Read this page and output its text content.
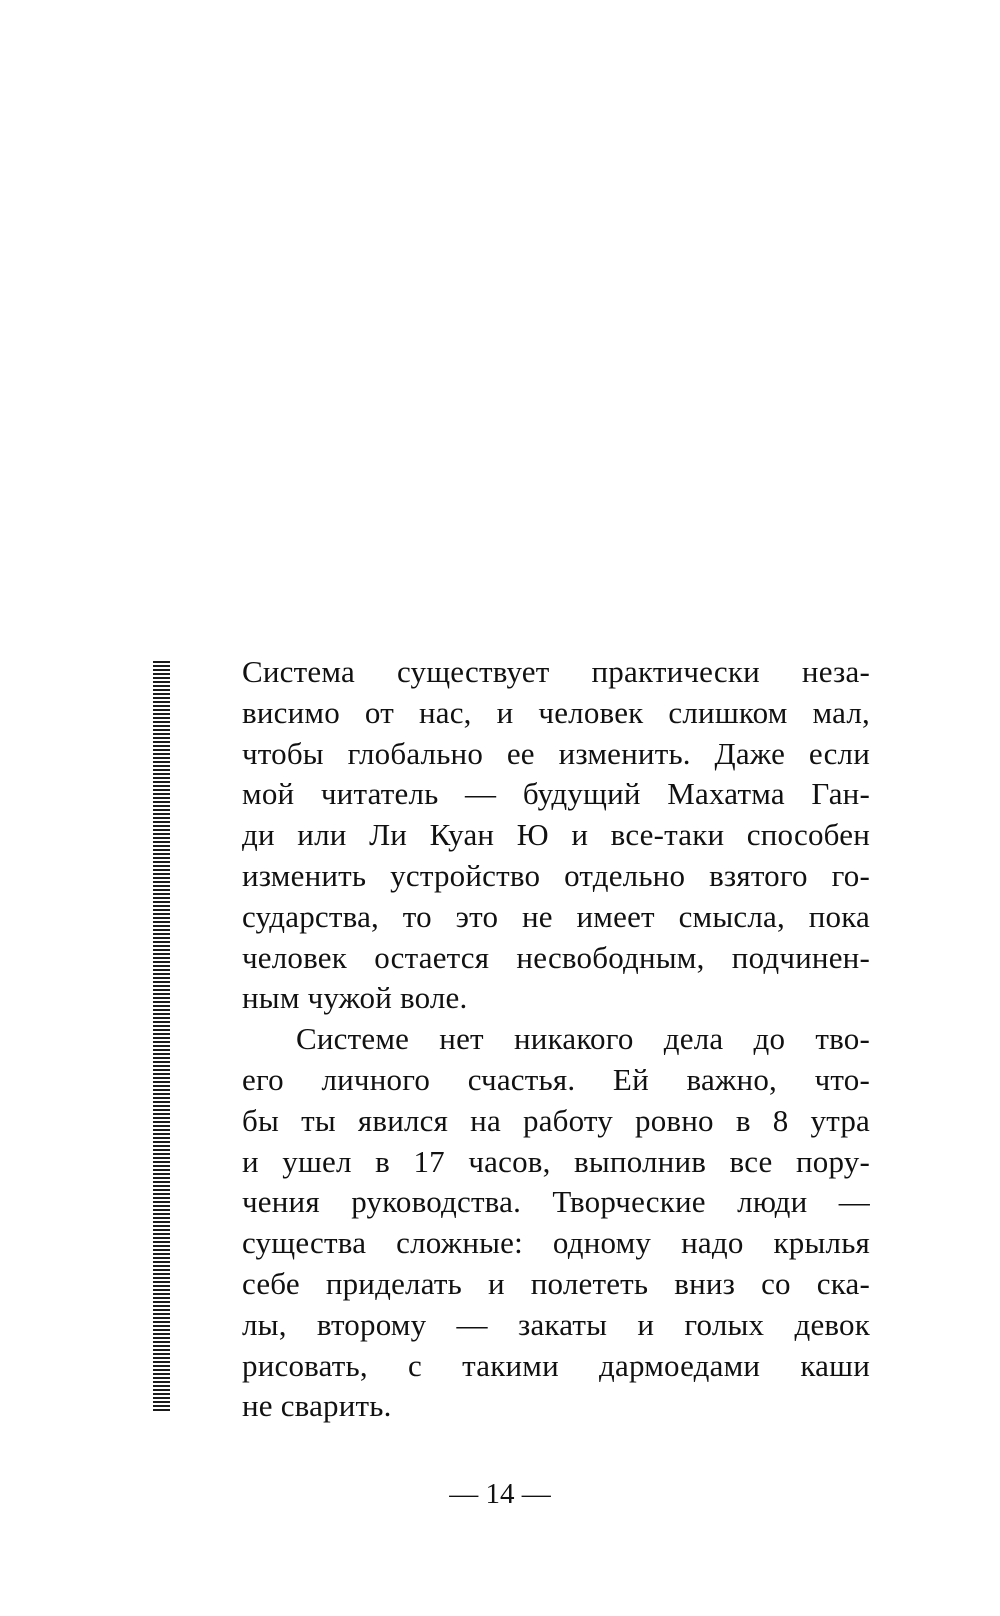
Система существует практически неза-
висимо от нас, и человек слишком мал,
чтобы глобально ее изменить. Даже если
мой читатель — будущий Махатма Ган-
ди или Ли Куан Ю и все-таки способен
изменить устройство отдельно взятого го-
сударства, то это не имеет смысла, пока
человек остается несвободным, подчинен-
ным чужой воле.
Системе нет никакого дела до тво-
его личного счастья. Ей важно, что-
бы ты явился на работу ровно в 8 утра
и ушел в 17 часов, выполнив все пору-
чения руководства. Творческие люди —
существа сложные: одному надо крылья
себе приделать и полететь вниз со ска-
лы, второму — закаты и голых девок
рисовать, с такими дармоедами каши
не сварить.
— 14 —
